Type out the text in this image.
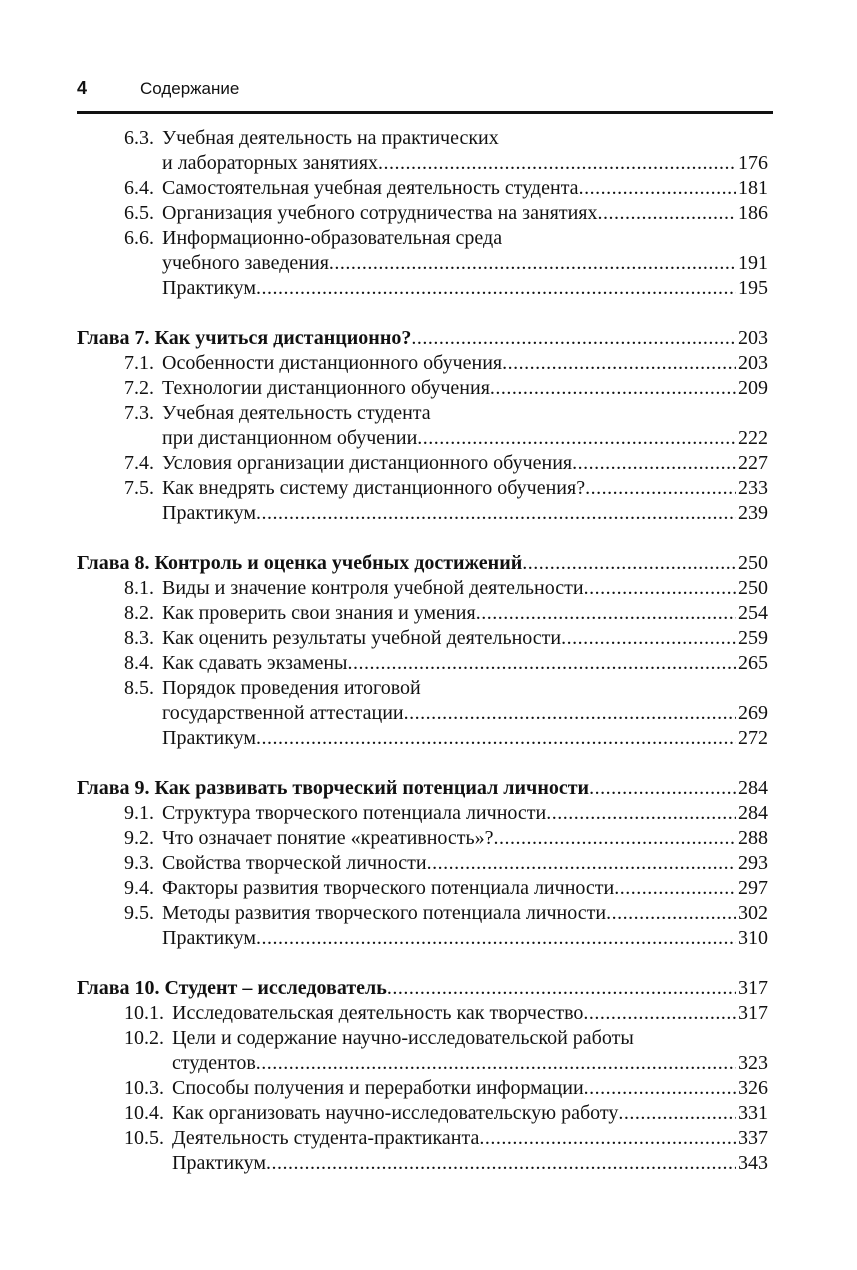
4	Содержание
6.3. Учебная деятельность на практических
и лабораторных занятиях .....	176
6.4. Самостоятельная учебная деятельность студента .....	181
6.5. Организация учебного сотрудничества на занятиях .....	186
6.6. Информационно-образовательная среда
учебного заведения .....	191
Практикум .....	195
Глава 7. Как учиться дистанционно? .....	203
7.1. Особенности дистанционного обучения .....	203
7.2. Технологии дистанционного обучения .....	209
7.3. Учебная деятельность студента
при дистанционном обучении .....	222
7.4. Условия организации дистанционного обучения .....	227
7.5. Как внедрять систему дистанционного обучения? .....	233
Практикум .....	239
Глава 8. Контроль и оценка учебных достижений .....	250
8.1. Виды и значение контроля учебной деятельности .....	250
8.2. Как проверить свои знания и умения .....	254
8.3. Как оценить результаты учебной деятельности .....	259
8.4. Как сдавать экзамены .....	265
8.5. Порядок проведения итоговой
государственной аттестации .....	269
Практикум .....	272
Глава 9. Как развивать творческий потенциал личности .....	284
9.1. Структура творческого потенциала личности .....	284
9.2. Что означает понятие «креативность»? .....	288
9.3. Свойства творческой личности .....	293
9.4. Факторы развития творческого потенциала личности .....	297
9.5. Методы развития творческого потенциала личности .....	302
Практикум .....	310
Глава 10. Студент – исследователь .....	317
10.1. Исследовательская деятельность как творчество .....	317
10.2. Цели и содержание научно-исследовательской работы
студентов .....	323
10.3. Способы получения и переработки информации .....	326
10.4. Как организовать научно-исследовательскую работу .....	331
10.5. Деятельность студента-практиканта .....	337
Практикум .....	343
